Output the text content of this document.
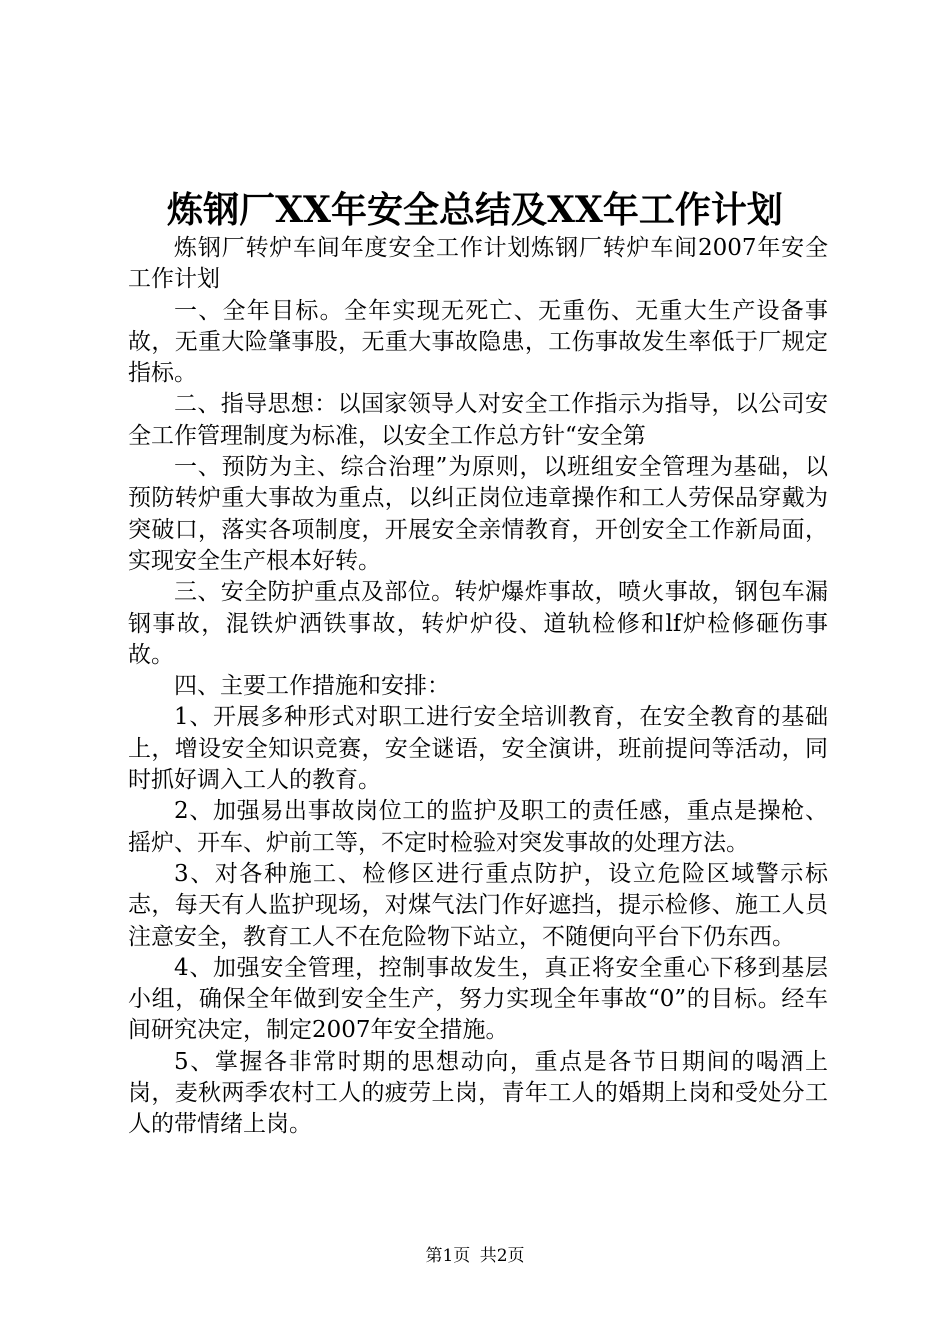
炼钢厂XX年安全总结及XX年工作计划

炼钢厂转炉车间年度安全工作计划炼钢厂转炉车间2007年安全工作计划

一、全年目标。全年实现无死亡、无重伤、无重大生产设备事故，无重大险肇事股，无重大事故隐患，工伤事故发生率低于厂规定指标。

二、指导思想：以国家领导人对安全工作指示为指导，以公司安全工作管理制度为标准，以安全工作总方针“安全第

一、预防为主、综合治理”为原则，以班组安全管理为基础，以预防转炉重大事故为重点，以纠正岗位违章操作和工人劳保品穿戴为突破口，落实各项制度，开展安全亲情教育，开创安全工作新局面，实现安全生产根本好转。

三、安全防护重点及部位。转炉爆炸事故，喷火事故，钢包车漏钢事故，混铁炉洒铁事故，转炉炉役、道轨检修和lf炉检修砸伤事故。

四、主要工作措施和安排：

1、开展多种形式对职工进行安全培训教育，在安全教育的基础上，增设安全知识竞赛，安全谜语，安全演讲，班前提问等活动，同时抓好调入工人的教育。

2、加强易出事故岗位工的监护及职工的责任感，重点是操枪、摇炉、开车、炉前工等，不定时检验对突发事故的处理方法。

3、对各种施工、检修区进行重点防护，设立危险区域警示标志，每天有人监护现场，对煤气法门作好遮挡，提示检修、施工人员注意安全，教育工人不在危险物下站立，不随便向平台下仍东西。

4、加强安全管理，控制事故发生，真正将安全重心下移到基层小组，确保全年做到安全生产，努力实现全年事故“0”的目标。经车间研究决定，制定2007年安全措施。

5、掌握各非常时期的思想动向，重点是各节日期间的喝酒上岗，麦秋两季农村工人的疲劳上岗，青年工人的婚期上岗和受处分工人的带情绪上岗。

第1页 共2页
